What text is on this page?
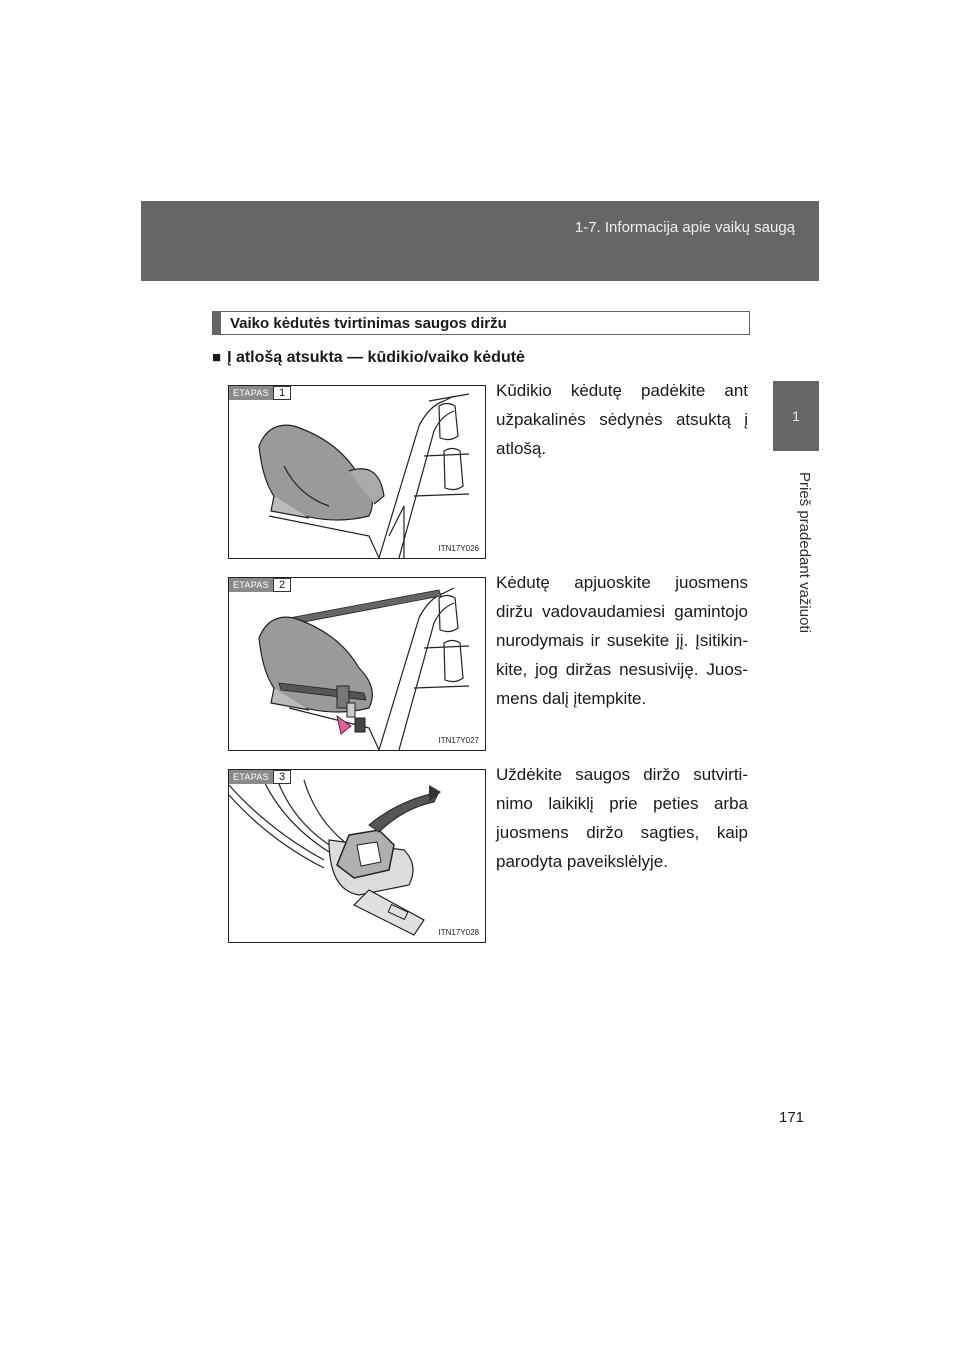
1-7. Informacija apie vaikų saugą
1
Prieš pradedant važiuoti
Vaiko kėdutės tvirtinimas saugos diržu
■ Į atlošą atsukta — kūdikio/vaiko kėdutė
ETAPAS 1
ITN17Y026
Kūdikio kėdutę padėkite ant užpakalinės sėdynės atsuktą į atlošą.
ETAPAS 2
ITN17Y027
Kėdutę apjuoskite juosmens diržu vadovaudamiesi gamintojo nurodymais ir susekite jį. Įsitikin-kite, jog diržas nesusiviję. Juos-mens dalį įtempkite.
ETAPAS 3
ITN17Y028
Uždėkite saugos diržo sutvirti-nimo laikiklį prie peties arba juosmens diržo sagties, kaip parodyta paveikslėlyje.
171
